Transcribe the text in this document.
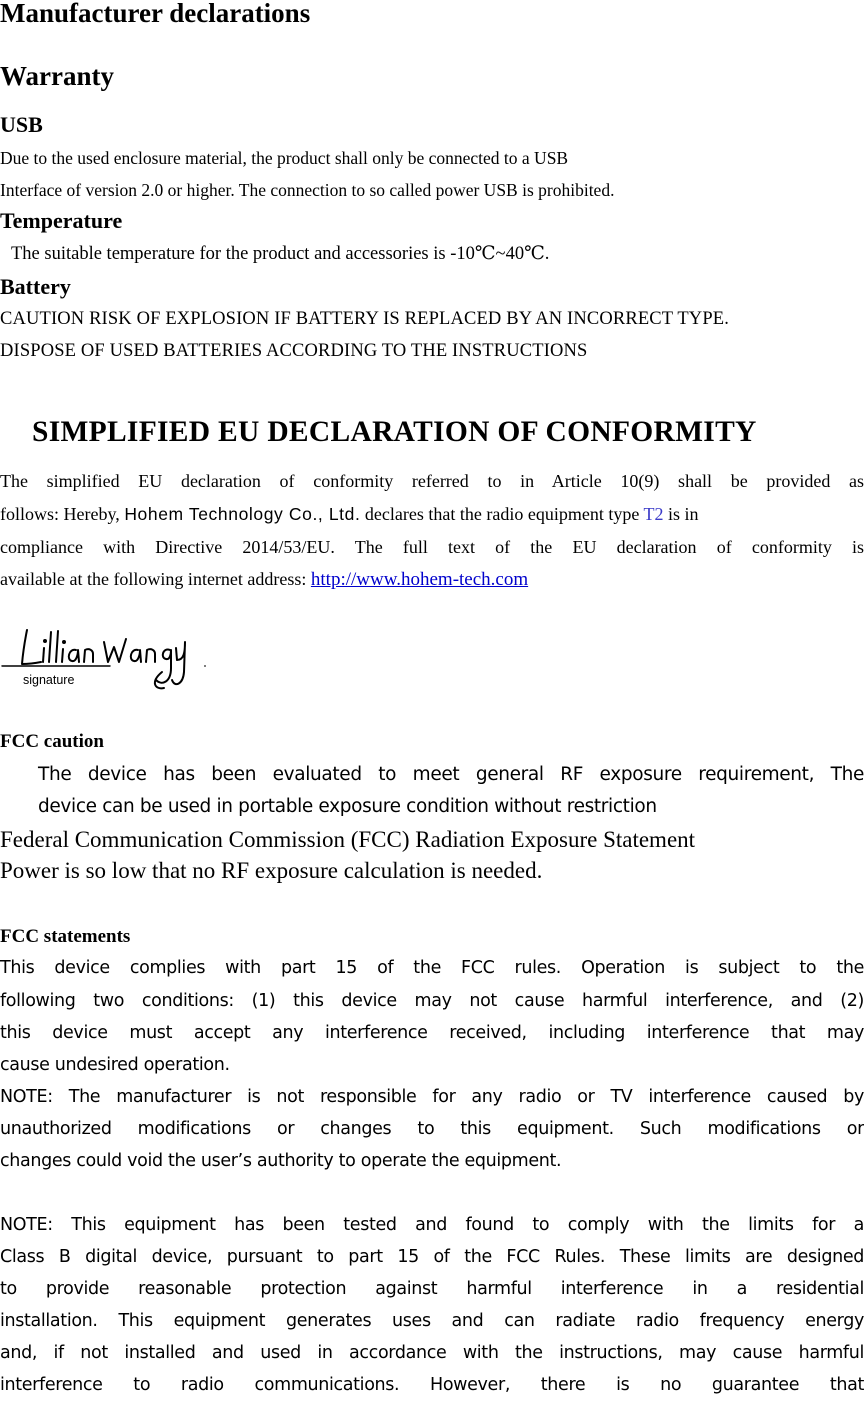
Manufacturer declarations
Warranty
USB
Due to the used enclosure material, the product shall only be connected to a USB
Interface of version 2.0 or higher. The connection to so called power USB is prohibited.
Temperature
The suitable temperature for the product and accessories is -10℃~40℃.
Battery
CAUTION RISK OF EXPLOSION IF BATTERY IS REPLACED BY AN INCORRECT TYPE.
DISPOSE OF USED BATTERIES ACCORDING TO THE INSTRUCTIONS
SIMPLIFIED EU DECLARATION OF CONFORMITY
The simplified EU declaration of conformity referred to in Article 10(9) shall be provided as
follows: Hereby, Hohem Technology Co., Ltd. declares that the radio equipment type T2 is in
compliance with Directive 2014/53/EU. The full text of the EU declaration of conformity is
available at the following internet address: http://www.hohem-tech.com
signature
FCC caution
The device has been evaluated to meet general RF exposure requirement, The
device can be used in portable exposure condition without restriction
Federal Communication Commission (FCC) Radiation Exposure Statement
Power is so low that no RF exposure calculation is needed.
FCC statements
This device complies with part 15 of the FCC rules. Operation is subject to the
following two conditions: (1) this device may not cause harmful interference, and (2)
this device must accept any interference received, including interference that may
cause undesired operation.
NOTE: The manufacturer is not responsible for any radio or TV interference caused by
unauthorized modifications or changes to this equipment. Such modifications or
changes could void the user’s authority to operate the equipment.
NOTE: This equipment has been tested and found to comply with the limits for a
Class B digital device, pursuant to part 15 of the FCC Rules. These limits are designed
to provide reasonable protection against harmful interference in a residential
installation. This equipment generates uses and can radiate radio frequency energy
and, if not installed and used in accordance with the instructions, may cause harmful
interference to radio communications. However, there is no guarantee that
